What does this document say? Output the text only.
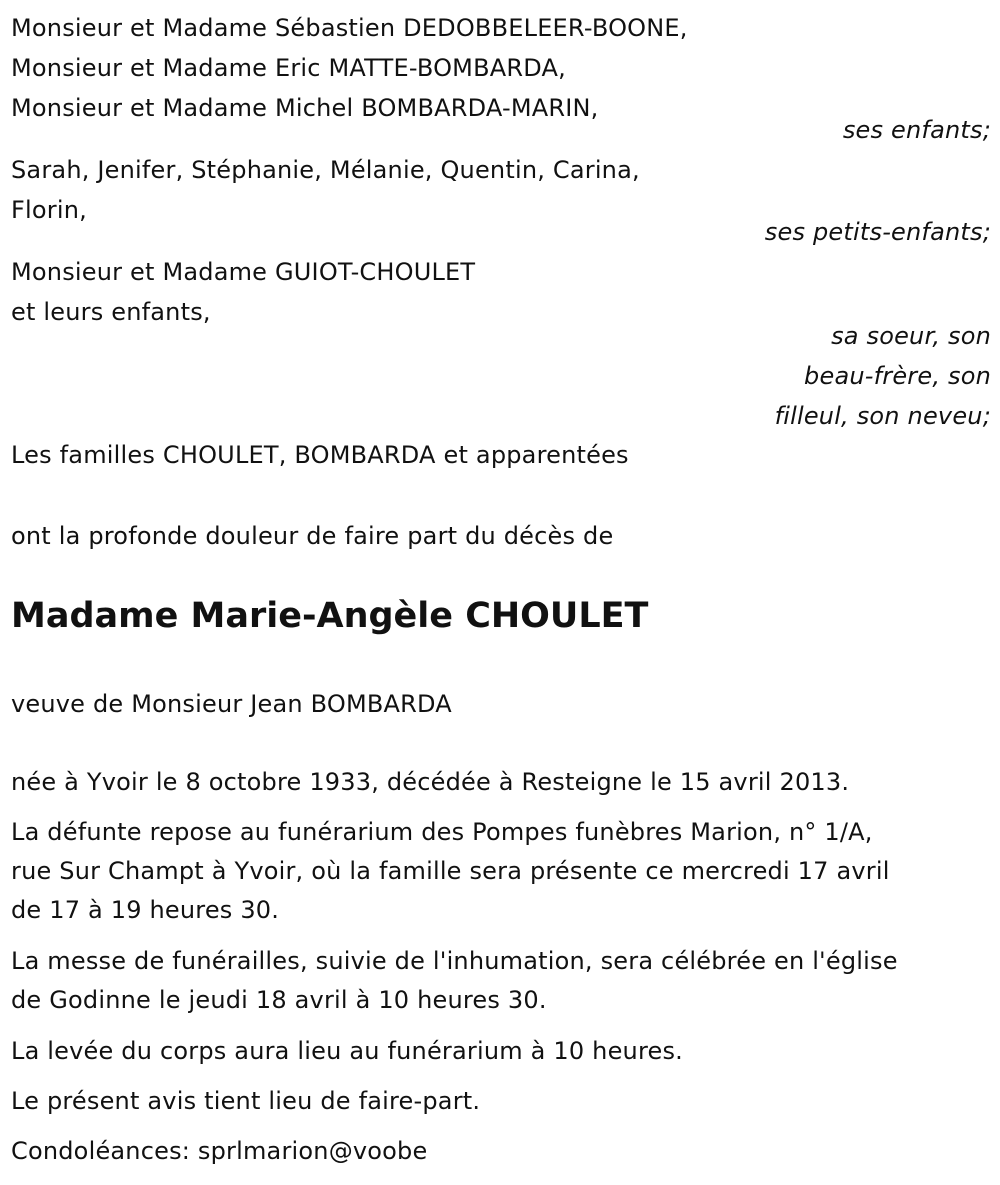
Monsieur et Madame Sébastien DEDOBBELEER-BOONE,
Monsieur et Madame Eric MATTE-BOMBARDA,
Monsieur et Madame Michel BOMBARDA-MARIN,
ses enfants;
Sarah, Jenifer, Stéphanie, Mélanie, Quentin, Carina,
Florin,
ses petits-enfants;
Monsieur et Madame GUIOT-CHOULET
et leurs enfants,
sa soeur, son
beau-frère, son
filleul, son neveu;
Les familles CHOULET, BOMBARDA et apparentées
ont la profonde douleur de faire part du décès de
Madame Marie-Angèle CHOULET
veuve de Monsieur Jean BOMBARDA
née à Yvoir le 8 octobre 1933, décédée à Resteigne le 15 avril 2013.
La défunte repose au funérarium des Pompes funèbres Marion, n° 1/A,
rue Sur Champt à Yvoir, où la famille sera présente ce mercredi 17 avril
de 17 à 19 heures 30.
La messe de funérailles, suivie de l'inhumation, sera célébrée en l'église
de Godinne le jeudi 18 avril à 10 heures 30.
La levée du corps aura lieu au funérarium à 10 heures.
Le présent avis tient lieu de faire-part.
Condoléances: sprlmarion@voobe
